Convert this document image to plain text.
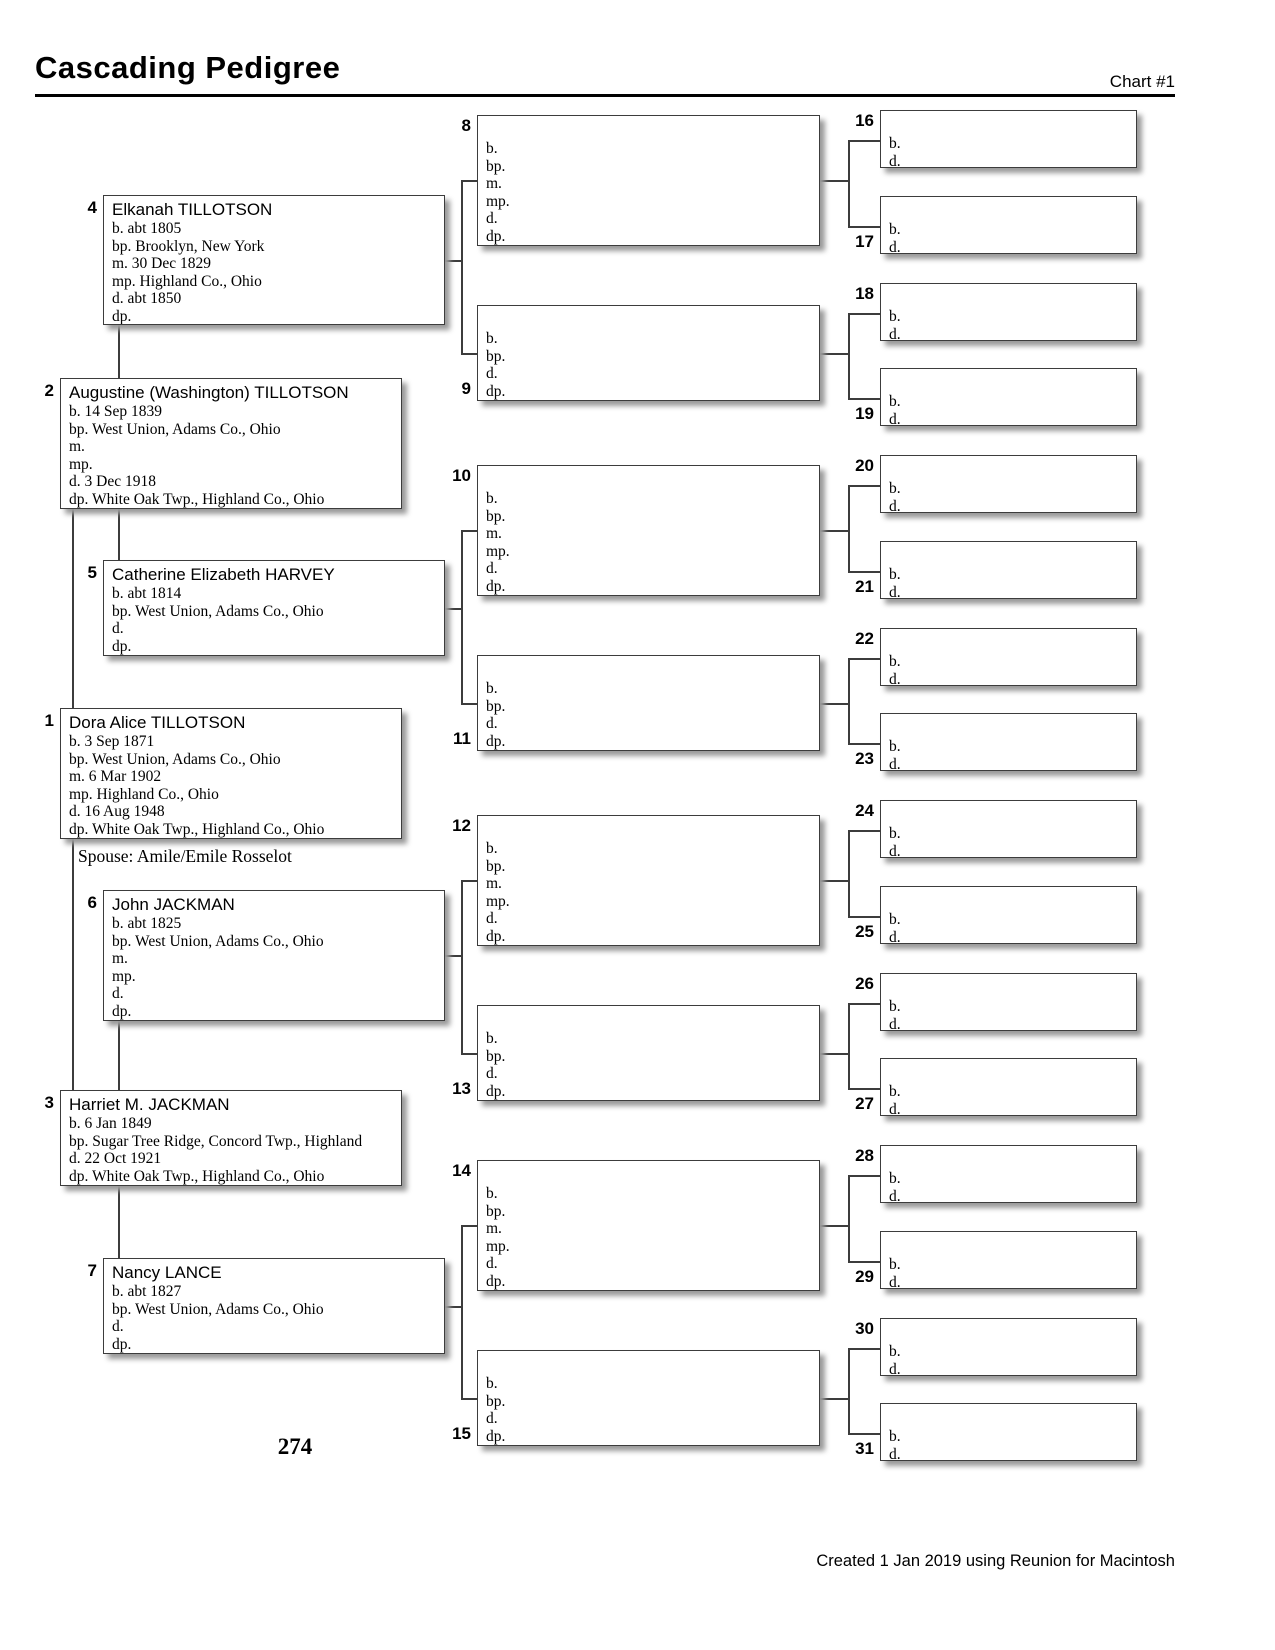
Cascading Pedigree	Chart #1
Dora Alice TILLOTSON
b. 3 Sep 1871
bp. West Union, Adams Co., Ohio
m. 6 Mar 1902
mp. Highland Co., Ohio
d. 16 Aug 1948
dp. White Oak Twp., Highland Co., Ohio
1
Augustine (Washington) TILLOTSON
b. 14 Sep 1839
bp. West Union, Adams Co., Ohio
m.
mp.
d. 3 Dec 1918
dp. White Oak Twp., Highland Co., Ohio
2
Harriet M. JACKMAN
b. 6 Jan 1849
bp. Sugar Tree Ridge, Concord Twp., Highland
d. 22 Oct 1921
dp. White Oak Twp., Highland Co., Ohio
3
Elkanah TILLOTSON
b. abt 1805
bp. Brooklyn, New York
m. 30 Dec 1829
mp. Highland Co., Ohio
d. abt 1850
dp.
4
Catherine Elizabeth HARVEY
b. abt 1814
bp. West Union, Adams Co., Ohio
d.
dp.
5
John JACKMAN
b. abt 1825
bp. West Union, Adams Co., Ohio
m.
mp.
d.
dp.
6
Nancy LANCE
b. abt 1827
bp. West Union, Adams Co., Ohio
d.
dp.
7

b.
bp.
m.
mp.
d.
dp.
8

b.
bp.
d.
dp.
9

b.
bp.
m.
mp.
d.
dp.
10

b.
bp.
d.
dp.
11

b.
bp.
m.
mp.
d.
dp.
12

b.
bp.
d.
dp.
13

b.
bp.
m.
mp.
d.
dp.
14

b.
bp.
d.
dp.
15

b.
d.
16

b.
d.
17

b.
d.
18

b.
d.
19

b.
d.
20

b.
d.
21

b.
d.
22

b.
d.
23

b.
d.
24

b.
d.
25

b.
d.
26

b.
d.
27

b.
d.
28

b.
d.
29

b.
d.
30

b.
d.
31
Spouse: Amile/Emile Rosselot
274
Created 1 Jan 2019 using Reunion for Macintosh
